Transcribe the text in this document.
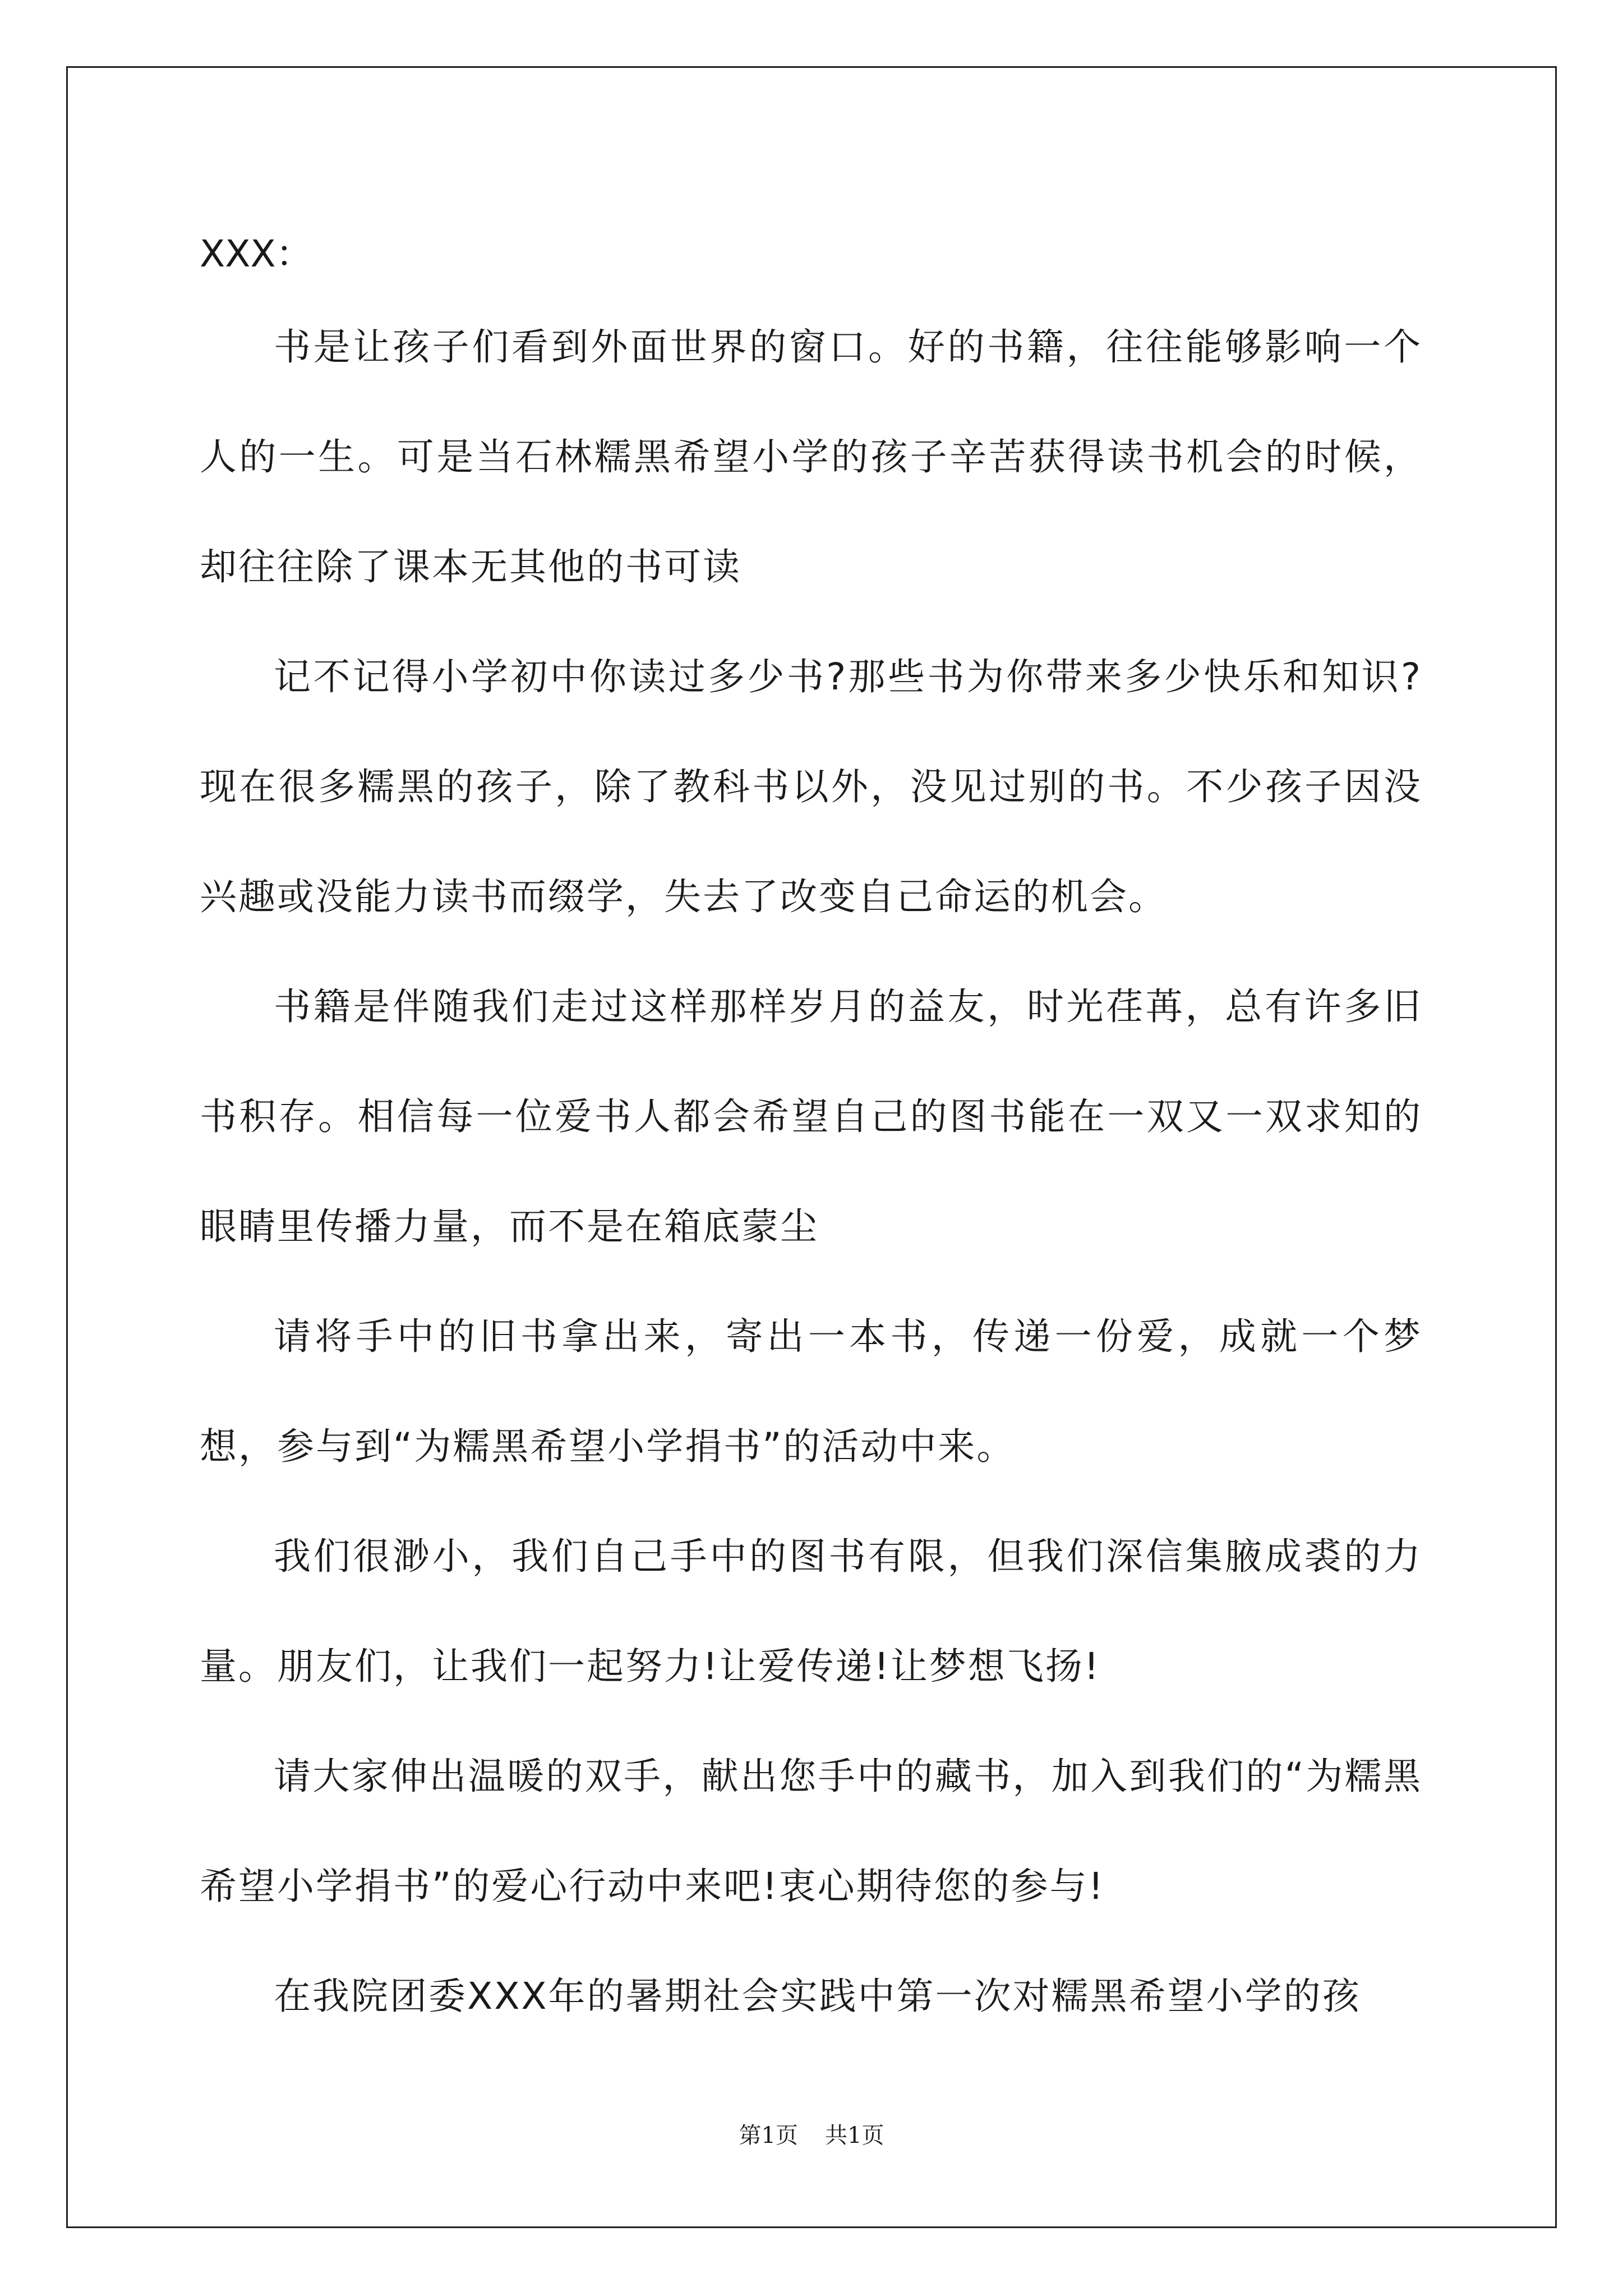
XXX：

书是让孩子们看到外面世界的窗口。好的书籍，往往能够影响一个人的一生。可是当石林糯黑希望小学的孩子辛苦获得读书机会的时候，却往往除了课本无其他的书可读

记不记得小学初中你读过多少书?那些书为你带来多少快乐和知识?现在很多糯黑的孩子，除了教科书以外，没见过别的书。不少孩子因没兴趣或没能力读书而缀学，失去了改变自己命运的机会。

书籍是伴随我们走过这样那样岁月的益友，时光荏苒，总有许多旧书积存。相信每一位爱书人都会希望自己的图书能在一双又一双求知的眼睛里传播力量，而不是在箱底蒙尘

请将手中的旧书拿出来，寄出一本书，传递一份爱，成就一个梦想，参与到“为糯黑希望小学捐书”的活动中来。

我们很渺小，我们自己手中的图书有限，但我们深信集腋成裘的力量。朋友们，让我们一起努力!让爱传递!让梦想飞扬!

请大家伸出温暖的双手，献出您手中的藏书，加入到我们的“为糯黑希望小学捐书”的爱心行动中来吧!衷心期待您的参与!

在我院团委XXX年的暑期社会实践中第一次对糯黑希望小学的孩

第1页 共1页
